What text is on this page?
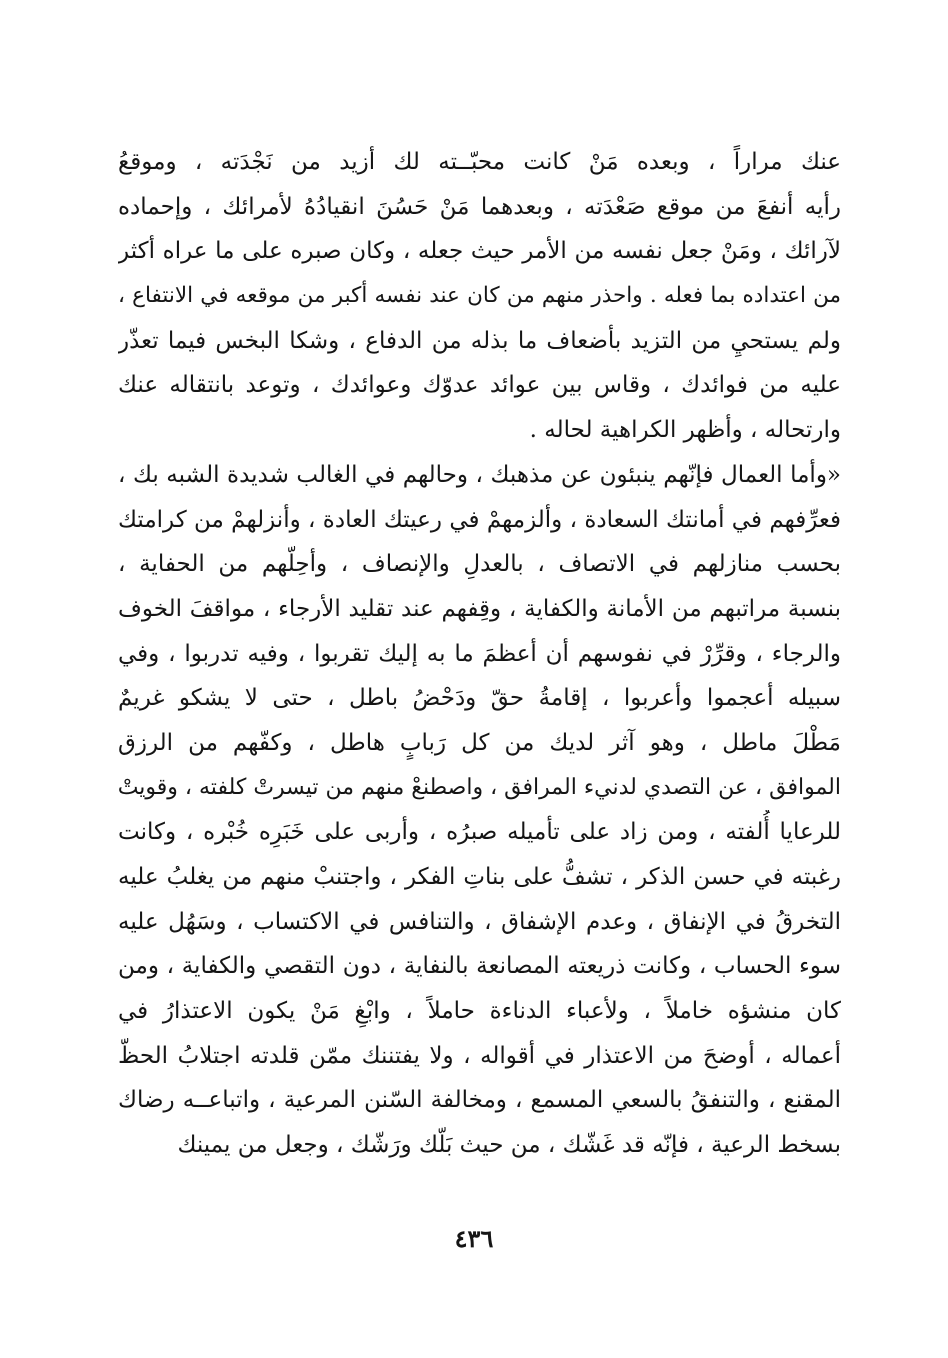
عنك مراراً ، وبعده مَنْ كانت محبّــته لك أزيد من نَجْدَته ، وموقعُ
رأيه أنفعَ من موقع صَعْدَته ، وبعدهما مَنْ حَسُنَ انقيادُهُ لأمرائك ، وإحماده
لآرائك ، ومَنْ جعل نفسه من الأمر حيث جعله ، وكان صبره على ما عراه أكثر
من اعتداده بما فعله . واحذر منهم من كان عند نفسه أكبر من موقعه في الانتفاع ،
ولم يستحيِ من التزيد بأضعاف ما بذله من الدفاع ، وشكا البخس فيما تعذّر
عليه من فوائدك ، وقاس بين عوائد عدوّك وعوائدك ، وتوعد بانتقاله عنك
وارتحاله ، وأظهر الكراهية لحاله .
«وأما العمال فإنّهم ينبئون عن مذهبك ، وحالهم في الغالب شديدة الشبه بك ،
فعرِّفهم في أمانتك السعادة ، وألزمهمْ في رعيتك العادة ، وأنزلهمْ من كرامتك
بحسب منازلهم في الاتصاف ، بالعدلِ والإنصاف ، وأحِلّهم من الحفاية ،
بنسبة مراتبهم من الأمانة والكفاية ، وقِفهم عند تقليد الأرجاء ، مواقفَ الخوف
والرجاء ، وقرِّرْ في نفوسهم أن أعظمَ ما به إليك تقربوا ، وفيه تدربوا ، وفي
سبيله أعجموا وأعربوا ، إقامةُ حقّ ودَحْضُ باطل ، حتى لا يشكو غريمٌ
مَطْلَ ماطل ، وهو آثر لديك من كل رَبابٍ هاطل ، وكفّهم من الرزق
الموافق ، عن التصدي لدنيء المرافق ، واصطنعْ منهم من تيسرتْ كلفته ، وقويتْ
للرعايا أُلفته ، ومن زاد على تأميله صبرُه ، وأربى على خَبَرِه خُبْره ، وكانت
رغبته في حسن الذكر ، تشفُّ على بناتِ الفكر ، واجتنبْ منهم من يغلبُ عليه
التخرقُ في الإنفاق ، وعدم الإشفاق ، والتنافس في الاكتساب ، وسَهُل عليه
سوء الحساب ، وكانت ذريعته المصانعة بالنفاية ، دون التقصي والكفاية ، ومن
كان منشؤه خاملاً ، ولأعباء الدناءة حاملاً ، وابْغِ مَنْ يكون الاعتذارُ في
أعماله ، أوضحَ من الاعتذار في أقواله ، ولا يفتننك ممّن قلدته اجتلابُ الحظّ
المقنع ، والتنفقُ بالسعي المسمع ، ومخالفة السّنن المرعية ، واتباعــه رضاك
بسخط الرعية ، فإنّه قد غَشّك ، من حيث بَلّك ورَشّك ، وجعل من يمينك
٤٣٦
